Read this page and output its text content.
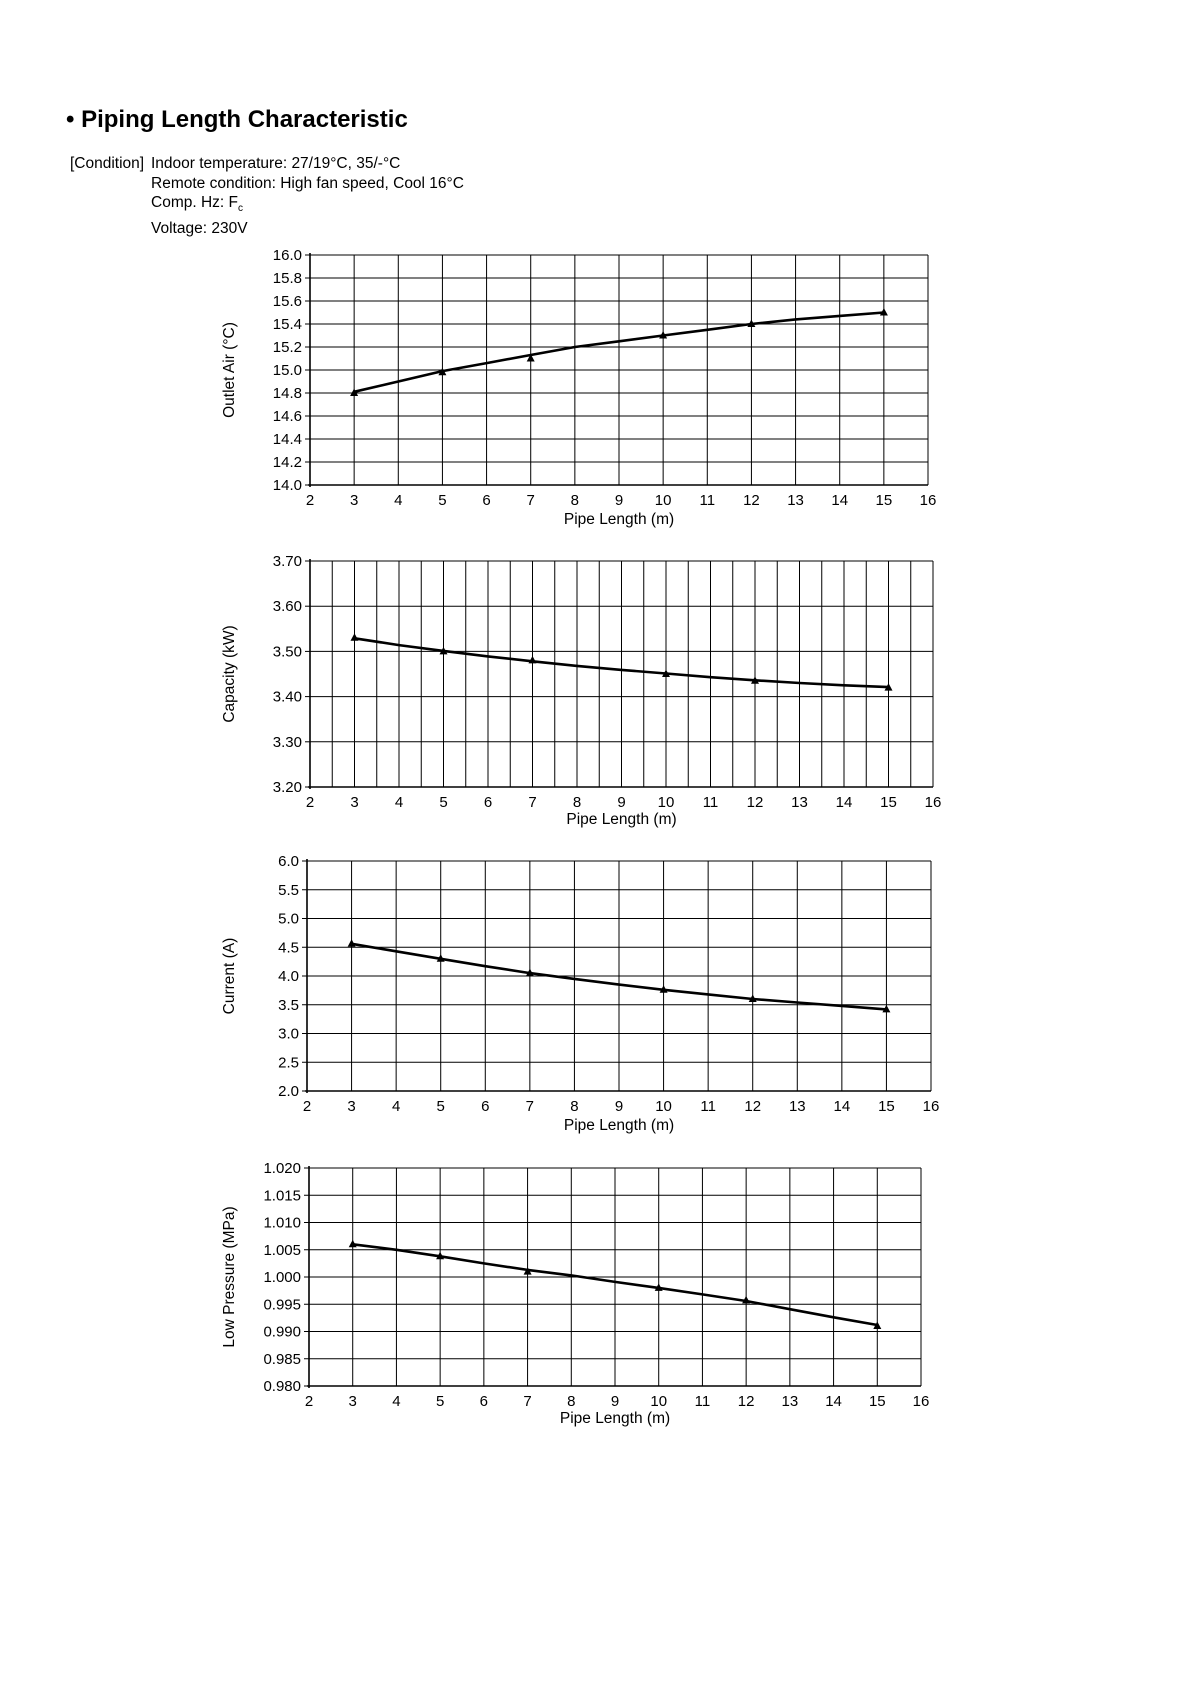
• Piping Length Characteristic
[Condition] Indoor temperature: 27/19°C, 35/-°C
Remote condition: High fan speed, Cool 16°C
Comp. Hz: $F_c$
Voltage: 230V
14.0
14.2
14.4
14.6
14.8
15.0
15.2
15.4
15.6
15.8
16.0
2 3 4 5 6 7 8 9 10 11 12 13 14 15 16
Pipe Length (m)
Outlet Air (°C)
3.20
3.30
3.40
3.50
3.60
3.70
2 3 4 5 6 7 8 9 10 11 12 13 14 15 16
Pipe Length (m)
Capacity (kW)
2.0
2.5
3.0
3.5
4.0
4.5
5.0
5.5
6.0
2 3 4 5 6 7 8 9 10 11 12 13 14 15 16
Pipe Length (m)
Current (A)
0.980
0.985
0.990
0.995
1.000
1.005
1.010
1.015
1.020
2 3 4 5 6 7 8 9 10 11 12 13 14 15 16
Pipe Length (m)
Low Pressure (MPa)
